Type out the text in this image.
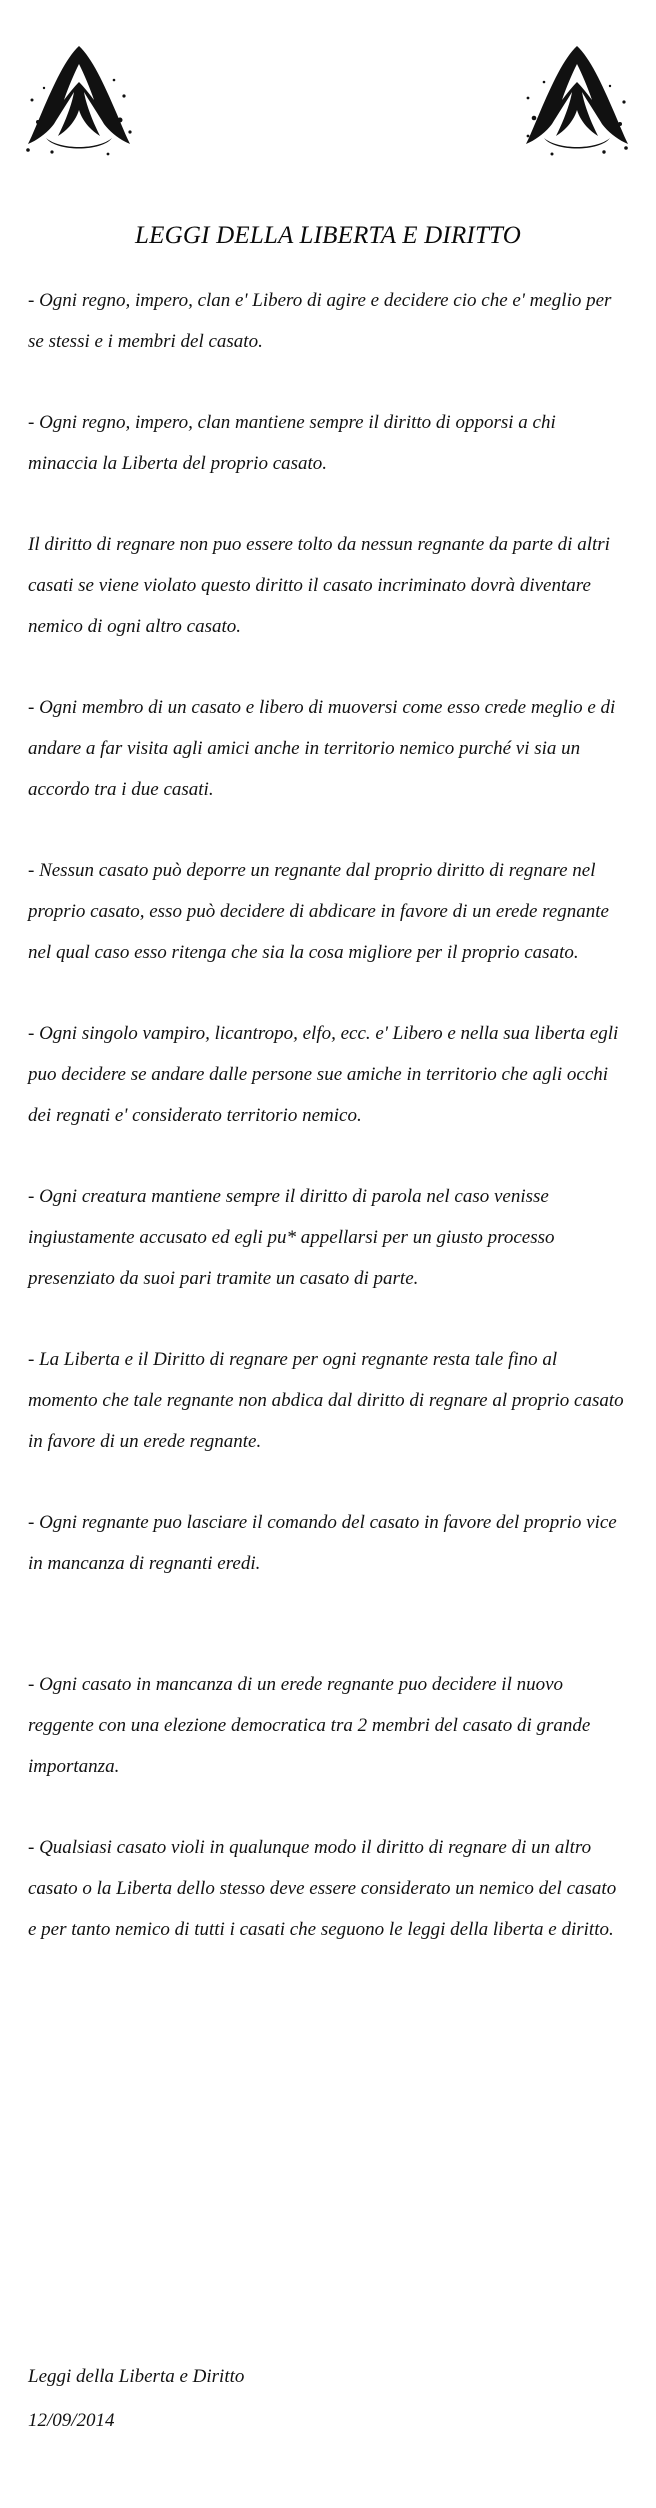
LEGGI DELLA LIBERTA E DIRITTO

- Ogni regno, impero, clan e' Libero di agire e decidere cio che e' meglio per se stessi e i membri del casato.

- Ogni regno, impero, clan mantiene sempre il diritto di opporsi a chi minaccia la Liberta del proprio casato.

Il diritto di regnare non puo essere tolto da nessun regnante da parte di altri casati se viene violato questo diritto il casato incriminato dovrà diventare nemico di ogni altro casato.

- Ogni membro di un casato e libero di muoversi come esso crede meglio e di andare a far visita agli amici anche in territorio nemico purché vi sia un accordo tra i due casati.

- Nessun casato può deporre un regnante dal proprio diritto di regnare nel proprio casato, esso può decidere di abdicare in favore di un erede regnante nel qual caso esso ritenga che sia la cosa migliore per il proprio casato.

- Ogni singolo vampiro, licantropo, elfo, ecc. e' Libero e nella sua liberta egli puo decidere se andare dalle persone sue amiche in territorio che agli occhi dei regnati e' considerato territorio nemico.

- Ogni creatura mantiene sempre il diritto di parola nel caso venisse ingiustamente accusato ed egli pu* appellarsi per un giusto processo presenziato da suoi pari tramite un casato di parte.

- La Liberta e il Diritto di regnare per ogni regnante resta tale fino al momento che tale regnante non abdica dal diritto di regnare al proprio casato in favore di un erede regnante.

- Ogni regnante puo lasciare il comando del casato in favore del proprio vice in mancanza di regnanti eredi.

- Ogni casato in mancanza di un erede regnante puo decidere il nuovo reggente con una elezione democratica tra 2 membri del casato di grande importanza.

- Qualsiasi casato violi in qualunque modo il diritto di regnare di un altro casato o la Liberta dello stesso deve essere considerato un nemico del casato e per tanto nemico di tutti i casati che seguono le leggi della liberta e diritto.

Leggi della Liberta e Diritto
12/09/2014
